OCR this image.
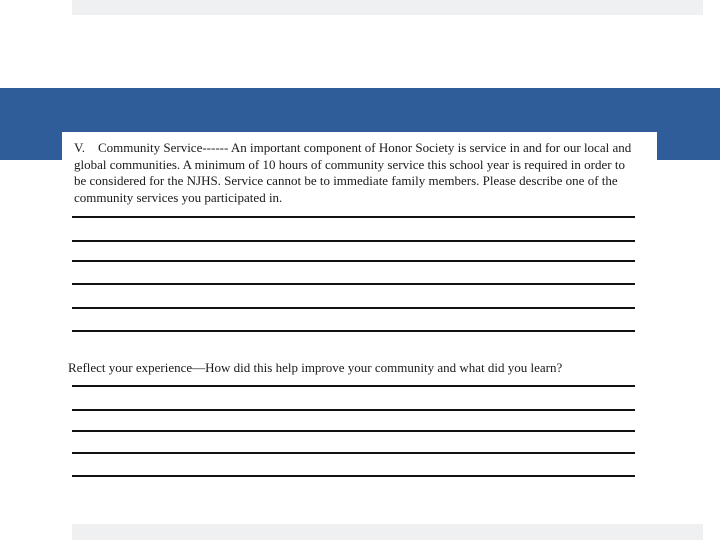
V. Community Service------ An important component of Honor Society is service in and for our local and global communities. A minimum of 10 hours of community service this school year is required in order to be considered for the NJHS. Service cannot be to immediate family members. Please describe one of the community services you participated in.

Reflect your experience—How did this help improve your community and what did you learn?
